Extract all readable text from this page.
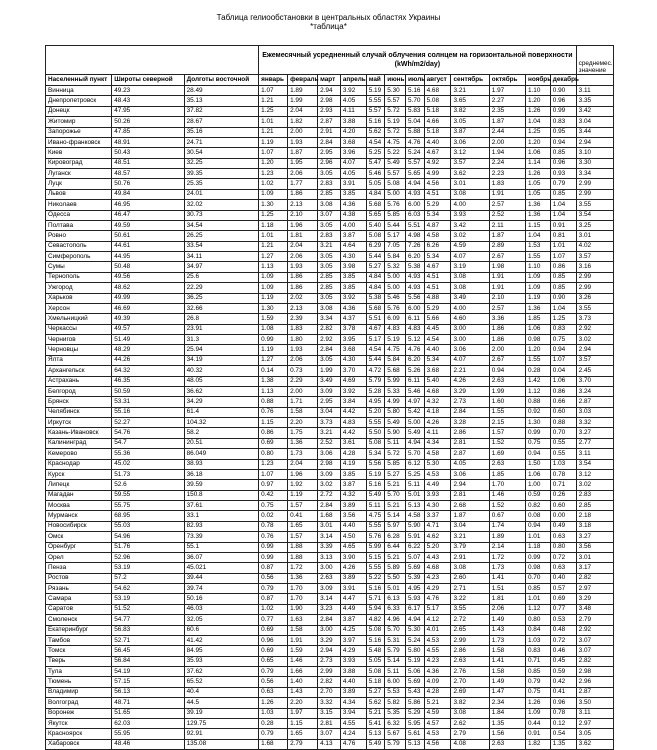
Таблица гелиообстановки в центральных областях Украины
*таблица*
			Ежемесячный усредненный случай облучения солнцем на горизонтальной поверхности (kWh/m2/day)												среднемес. значение
Населенный пункт	Широты северной	Долготы восточной	январь	февраль	март	апрель	май	июнь	июль	август	сентябрь	октябрь	ноябрь	декабрь	
Винница	49.23	28.49	1.07	1.89	2.94	3.92	5.19	5.30	5.16	4.68	3.21	1.97	1.10	0.90	3.11
Днепропетровск	48.43	35.13	1.21	1.99	2.98	4.05	5.55	5.57	5.70	5.08	3.65	2.27	1.20	0.96	3.35
Донецк	47.95	37.82	1.25	2.04	2.93	4.11	5.57	5.72	5.83	5.18	3.82	2.35	1.26	0.99	3.42
Житомир	50.26	28.67	1.01	1.82	2.87	3.88	5.16	5.19	5.04	4.66	3.05	1.87	1.04	0.83	3.04
Запорожье	47.85	35.16	1.21	2.00	2.91	4.20	5.62	5.72	5.88	5.18	3.87	2.44	1.25	0.95	3.44
Ивано-франковск	48.91	24.71	1.19	1.93	2.84	3.68	4.54	4.75	4.76	4.40	3.06	2.00	1.20	0.94	2.94
Киев	50.43	30.54	1.07	1.87	2.95	3.96	5.25	5.22	5.24	4.67	3.12	1.94	1.06	0.85	3.10
Кировоград	48.51	32.25	1.20	1.95	2.96	4.07	5.47	5.49	5.57	4.92	3.57	2.24	1.14	0.96	3.30
Луганск	48.57	39.35	1.23	2.06	3.05	4.05	5.46	5.57	5.65	4.99	3.62	2.23	1.26	0.93	3.34
Луцк	50.76	25.35	1.02	1.77	2.83	3.91	5.05	5.08	4.94	4.56	3.01	1.83	1.05	0.79	2.99
Львов	49.84	24.01	1.09	1.86	2.85	3.85	4.84	5.00	4.93	4.51	3.08	1.91	1.05	0.85	2.99
Николаев	46.95	32.02	1.30	2.13	3.08	4.36	5.68	5.76	6.00	5.29	4.00	2.57	1.36	1.04	3.55
Одесса	46.47	30.73	1.25	2.10	3.07	4.38	5.65	5.85	6.03	5.34	3.93	2.52	1.36	1.04	3.54
Полтава	49.59	34.54	1.18	1.96	3.05	4.00	5.40	5.44	5.51	4.87	3.42	2.11	1.15	0.91	3.25
Ровно	50.61	26.25	1.01	1.81	2.83	3.87	5.08	5.17	4.98	4.58	3.02	1.87	1.04	0.81	3.01
Севастополь	44.61	33.54	1.21	2.04	3.21	4.64	6.29	7.05	7.26	6.26	4.59	2.89	1.53	1.01	4.02
Симферополь	44.95	34.11	1.27	2.06	3.05	4.30	5.44	5.84	6.20	5.34	4.07	2.67	1.55	1.07	3.57
Сумы	50.48	34.97	1.13	1.93	3.05	3.98	5.27	5.32	5.38	4.67	3.19	1.98	1.10	0.86	3.16
Тернополь	49.56	25.6	1.09	1.86	2.85	3.85	4.84	5.00	4.93	4.51	3.08	1.91	1.09	0.85	2.99
Ужгород	48.62	22.29	1.09	1.86	2.85	3.85	4.84	5.00	4.93	4.51	3.08	1.91	1.09	0.85	2.99
Харьков	49.99	36.25	1.19	2.02	3.05	3.92	5.38	5.46	5.56	4.88	3.49	2.10	1.19	0.90	3.26
Херсон	46.69	32.66	1.30	2.13	3.08	4.36	5.68	5.76	6.00	5.29	4.00	2.57	1.36	1.04	3.55
Хмельницкий	49.39	26.8	1.59	2.39	3.34	4.37	5.51	6.09	6.11	5.66	4.60	3.36	1.85	1.25	3.73
Черкассы	49.57	23.91	1.08	1.83	2.82	3.78	4.67	4.83	4.83	4.45	3.00	1.86	1.06	0.83	2.92
Чернигов	51.49	31.3	0.99	1.80	2.92	3.95	5.17	5.19	5.12	4.54	3.00	1.86	0.98	0.75	3.02
Черновцы	48.29	25.94	1.19	1.93	2.84	3.68	4.54	4.75	4.76	4.40	3.06	2.00	1.20	0.94	2.94
Ялта	44.26	34.19	1.27	2.06	3.05	4.30	5.44	5.84	6.20	5.34	4.07	2.67	1.55	1.07	3.57
Архангельск	64.32	40.32	0.14	0.73	1.99	3.70	4.72	5.68	5.26	3.68	2.21	0.94	0.28	0.04	2.45
Астрахань	46.35	48.05	1.38	2.29	3.49	4.69	5.79	5.99	6.11	5.40	4.26	2.63	1.42	1.06	3.70
Белгород	50.59	36.62	1.13	2.00	3.09	3.92	5.28	5.33	5.46	4.68	3.29	1.99	1.12	0.86	3.24
Брянск	53.31	34.29	0.88	1.71	2.95	3.84	4.95	4.99	4.97	4.32	2.73	1.60	0.88	0.66	2.87
Челябинск	55.16	61.4	0.76	1.58	3.04	4.42	5.20	5.80	5.42	4.18	2.84	1.55	0.92	0.60	3.03
Иркутск	52.27	104.32	1.15	2.20	3.73	4.83	5.55	5.49	5.00	4.26	3.28	2.15	1.30	0.88	3.32
Казань-Ивановск	54.76	58.2	0.86	1.75	3.21	4.42	5.50	5.90	5.49	4.11	2.86	1.57	0.99	0.70	3.27
Калининград	54.7	20.51	0.69	1.36	2.52	3.61	5.08	5.11	4.94	4.34	2.81	1.52	0.75	0.55	2.77
Кемерово	55.36	86.049	0.80	1.73	3.06	4.28	5.34	5.72	5.70	4.58	2.87	1.69	0.94	0.55	3.11
Краснодар	45.02	38.93	1.23	2.04	2.98	4.19	5.56	5.85	6.12	5.30	4.05	2.63	1.50	1.03	3.54
Курск	51.73	36.18	1.07	1.96	3.09	3.85	5.19	5.27	5.25	4.53	3.06	1.85	1.06	0.78	3.12
Липецк	52.6	39.59	0.97	1.92	3.02	3.87	5.16	5.21	5.11	4.49	2.94	1.70	1.00	0.71	3.02
Магадан	59.55	150.8	0.42	1.19	2.72	4.32	5.49	5.70	5.01	3.93	2.81	1.46	0.59	0.26	2.83
Москва	55.75	37.61	0.75	1.57	2.84	3.89	5.11	5.21	5.13	4.30	2.68	1.52	0.82	0.60	2.85
Мурманск	68.95	33.1	0.02	0.41	1.68	3.56	4.75	5.14	4.58	3.37	1.87	0.67	0.08	0.00	2.18
Новосибирск	55.03	82.93	0.78	1.65	3.01	4.40	5.55	5.97	5.90	4.71	3.04	1.74	0.94	0.49	3.18
Омск	54.96	73.39	0.76	1.57	3.14	4.50	5.76	6.28	5.91	4.62	3.21	1.89	1.01	0.63	3.27
Оренбург	51.76	55.1	0.99	1.88	3.39	4.65	5.99	6.44	6.22	5.20	3.79	2.14	1.18	0.80	3.56
Орел	52.96	36.07	0.99	1.88	3.13	3.90	5.15	5.21	5.07	4.43	2.91	1.72	0.99	0.72	3.01
Пенза	53.19	45.021	0.87	1.72	3.00	4.26	5.55	5.89	5.69	4.68	3.08	1.73	0.98	0.63	3.17
Ростов	57.2	39.44	0.56	1.36	2.63	3.89	5.22	5.50	5.39	4.23	2.60	1.41	0.70	0.40	2.82
Рязань	54.62	39.74	0.79	1.70	3.09	3.91	5.16	5.01	4.95	4.29	2.71	1.51	0.85	0.57	2.97
Самара	53.19	50.16	0.87	1.70	3.14	4.47	5.71	6.13	5.93	4.76	3.22	1.81	1.01	0.69	3.29
Саратов	51.52	46.03	1.02	1.90	3.23	4.49	5.94	6.33	6.17	5.17	3.55	2.06	1.12	0.77	3.48
Смоленск	54.77	32.05	0.77	1.63	2.84	3.87	4.82	4.96	4.94	4.12	2.72	1.49	0.80	0.53	2.79
Екатеринбург	56.83	60.6	0.69	1.58	3.00	4.25	5.08	5.70	5.30	4.01	2.65	1.43	0.84	0.48	2.92
Тамбов	52.71	41.42	0.96	1.91	3.29	3.97	5.16	5.31	5.24	4.53	2.99	1.73	1.03	0.72	3.07
Томск	56.45	84.95	0.69	1.59	2.94	4.29	5.48	5.79	5.80	4.55	2.86	1.58	0.83	0.46	3.07
Тверь	56.84	35.93	0.65	1.46	2.73	3.93	5.05	5.14	5.19	4.23	2.63	1.41	0.71	0.45	2.82
Тула	54.19	37.62	0.79	1.66	2.99	3.88	5.08	5.11	5.06	4.36	2.76	1.58	0.85	0.59	2.98
Тюмень	57.15	65.52	0.56	1.40	2.82	4.40	5.18	6.00	5.69	4.09	2.70	1.49	0.79	0.42	2.96
Владимир	56.13	40.4	0.63	1.43	2.70	3.89	5.27	5.53	5.43	4.28	2.69	1.47	0.75	0.41	2.87
Волгоград	48.71	44.5	1.26	2.20	3.32	4.34	5.62	5.82	5.86	5.21	3.82	2.34	1.26	0.96	3.50
Воронеж	51.65	39.19	1.03	1.97	3.15	3.94	5.21	5.35	5.29	4.59	3.08	1.84	1.09	0.78	3.11
Якутск	62.03	129.75	0.28	1.15	2.81	4.55	5.41	6.32	5.95	4.57	2.62	1.35	0.44	0.12	2.97
Красноярск	55.95	92.91	0.79	1.65	3.07	4.24	5.13	5.67	5.61	4.53	2.79	1.56	0.91	0.54	3.05
Хабаровск	48.46	135.08	1.68	2.79	4.13	4.76	5.49	5.79	5.13	4.56	4.08	2.63	1.82	1.35	3.62
